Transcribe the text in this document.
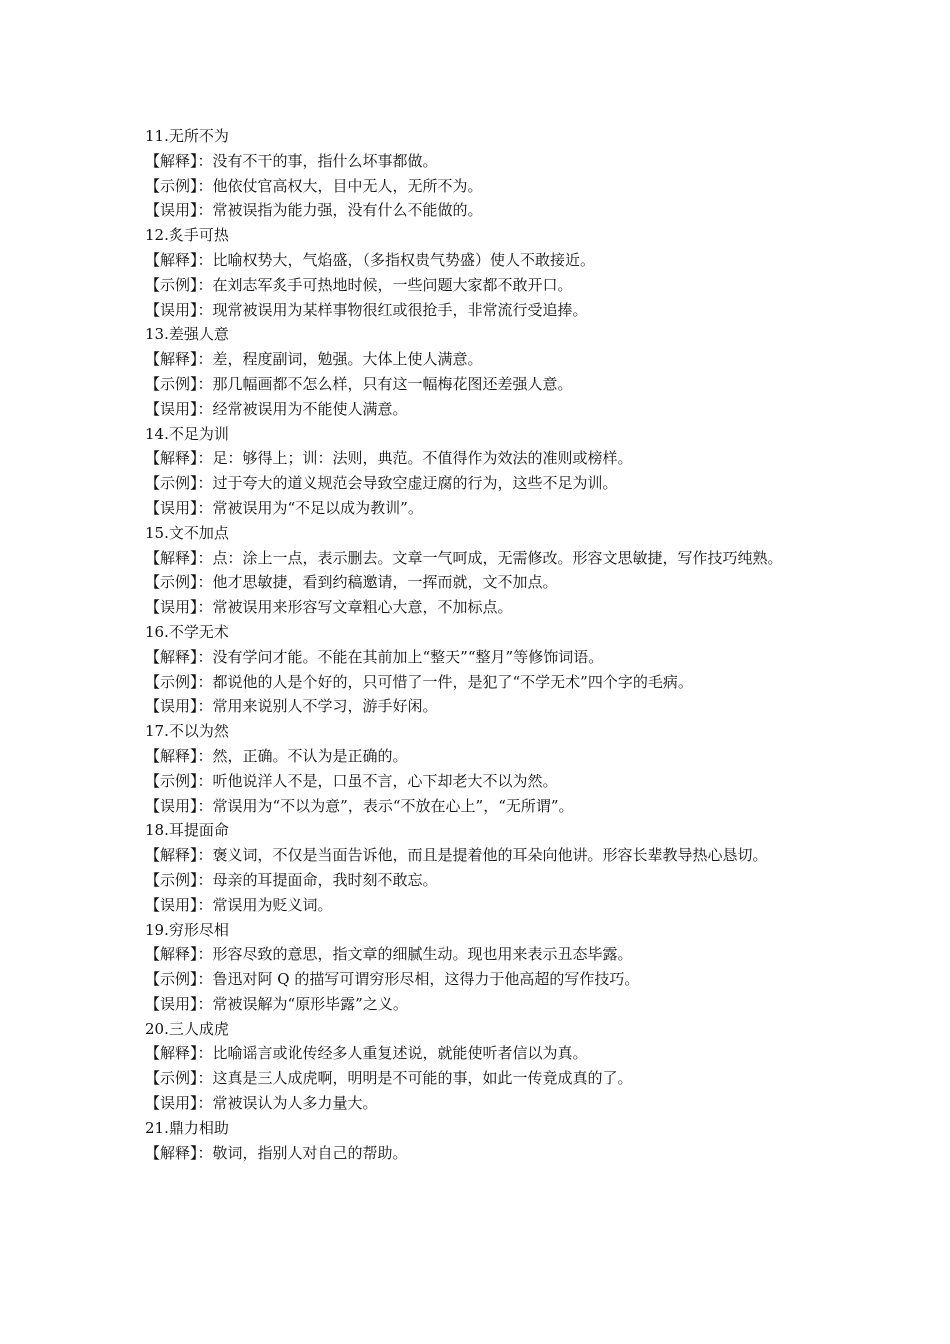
11.无所不为

【解释】：没有不干的事，指什么坏事都做。

【示例】：他依仗官高权大，目中无人，无所不为。

【误用】：常被误指为能力强，没有什么不能做的。

12.炙手可热

【解释】：比喻权势大，气焰盛，（多指权贵气势盛）使人不敢接近。

【示例】：在刘志军炙手可热地时候，一些问题大家都不敢开口。

【误用】：现常被误用为某样事物很红或很抢手，非常流行受追捧。

13.差强人意

【解释】：差，程度副词，勉强。大体上使人满意。

【示例】：那几幅画都不怎么样，只有这一幅梅花图还差强人意。

【误用】：经常被误用为不能使人满意。

14.不足为训

【解释】：足：够得上；训：法则，典范。不值得作为效法的准则或榜样。

【示例】：过于夸大的道义规范会导致空虚迂腐的行为，这些不足为训。

【误用】：常被误用为“不足以成为教训”。

15.文不加点

【解释】：点：涂上一点，表示删去。文章一气呵成，无需修改。形容文思敏捷，写作技巧纯熟。

【示例】：他才思敏捷，看到约稿邀请，一挥而就，文不加点。

【误用】：常被误用来形容写文章粗心大意，不加标点。

16.不学无术

【解释】：没有学问才能。不能在其前加上“整天”“整月”等修饰词语。

【示例】：都说他的人是个好的，只可惜了一件，是犯了“不学无术”四个字的毛病。

【误用】：常用来说别人不学习，游手好闲。

17.不以为然

【解释】：然，正确。不认为是正确的。

【示例】：听他说洋人不是，口虽不言，心下却老大不以为然。

【误用】：常误用为“不以为意”，表示“不放在心上”，“无所谓”。

18.耳提面命

【解释】：褒义词，不仅是当面告诉他，而且是提着他的耳朵向他讲。形容长辈教导热心恳切。

【示例】：母亲的耳提面命，我时刻不敢忘。

【误用】：常误用为贬义词。

19.穷形尽相

【解释】：形容尽致的意思，指文章的细腻生动。现也用来表示丑态毕露。

【示例】：鲁迅对阿 Q 的描写可谓穷形尽相，这得力于他高超的写作技巧。

【误用】：常被误解为“原形毕露”之义。

20.三人成虎

【解释】：比喻谣言或讹传经多人重复述说，就能使听者信以为真。

【示例】：这真是三人成虎啊，明明是不可能的事，如此一传竟成真的了。

【误用】：常被误认为人多力量大。

21.鼎力相助

【解释】：敬词，指别人对自己的帮助。
